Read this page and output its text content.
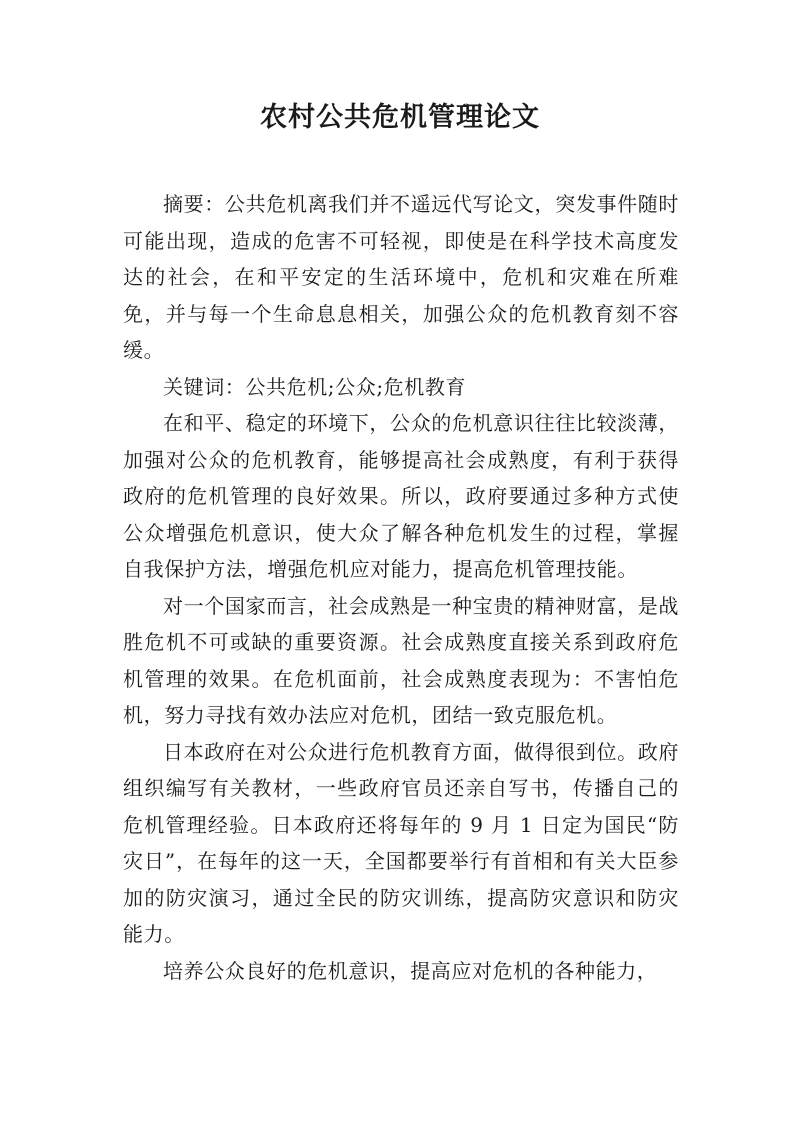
农村公共危机管理论文

摘要：公共危机离我们并不遥远代写论文，突发事件随时可能出现，造成的危害不可轻视，即使是在科学技术高度发达的社会，在和平安定的生活环境中，危机和灾难在所难免，并与每一个生命息息相关，加强公众的危机教育刻不容缓。

关键词：公共危机;公众;危机教育

在和平、稳定的环境下，公众的危机意识往往比较淡薄，加强对公众的危机教育，能够提高社会成熟度，有利于获得政府的危机管理的良好效果。所以，政府要通过多种方式使公众增强危机意识，使大众了解各种危机发生的过程，掌握自我保护方法，增强危机应对能力，提高危机管理技能。

对一个国家而言，社会成熟是一种宝贵的精神财富，是战胜危机不可或缺的重要资源。社会成熟度直接关系到政府危机管理的效果。在危机面前，社会成熟度表现为：不害怕危机，努力寻找有效办法应对危机，团结一致克服危机。

日本政府在对公众进行危机教育方面，做得很到位。政府组织编写有关教材，一些政府官员还亲自写书，传播自己的危机管理经验。日本政府还将每年的 9 月 1 日定为国民“防灾日”，在每年的这一天，全国都要举行有首相和有关大臣参加的防灾演习，通过全民的防灾训练，提高防灾意识和防灾能力。

培养公众良好的危机意识，提高应对危机的各种能力，
